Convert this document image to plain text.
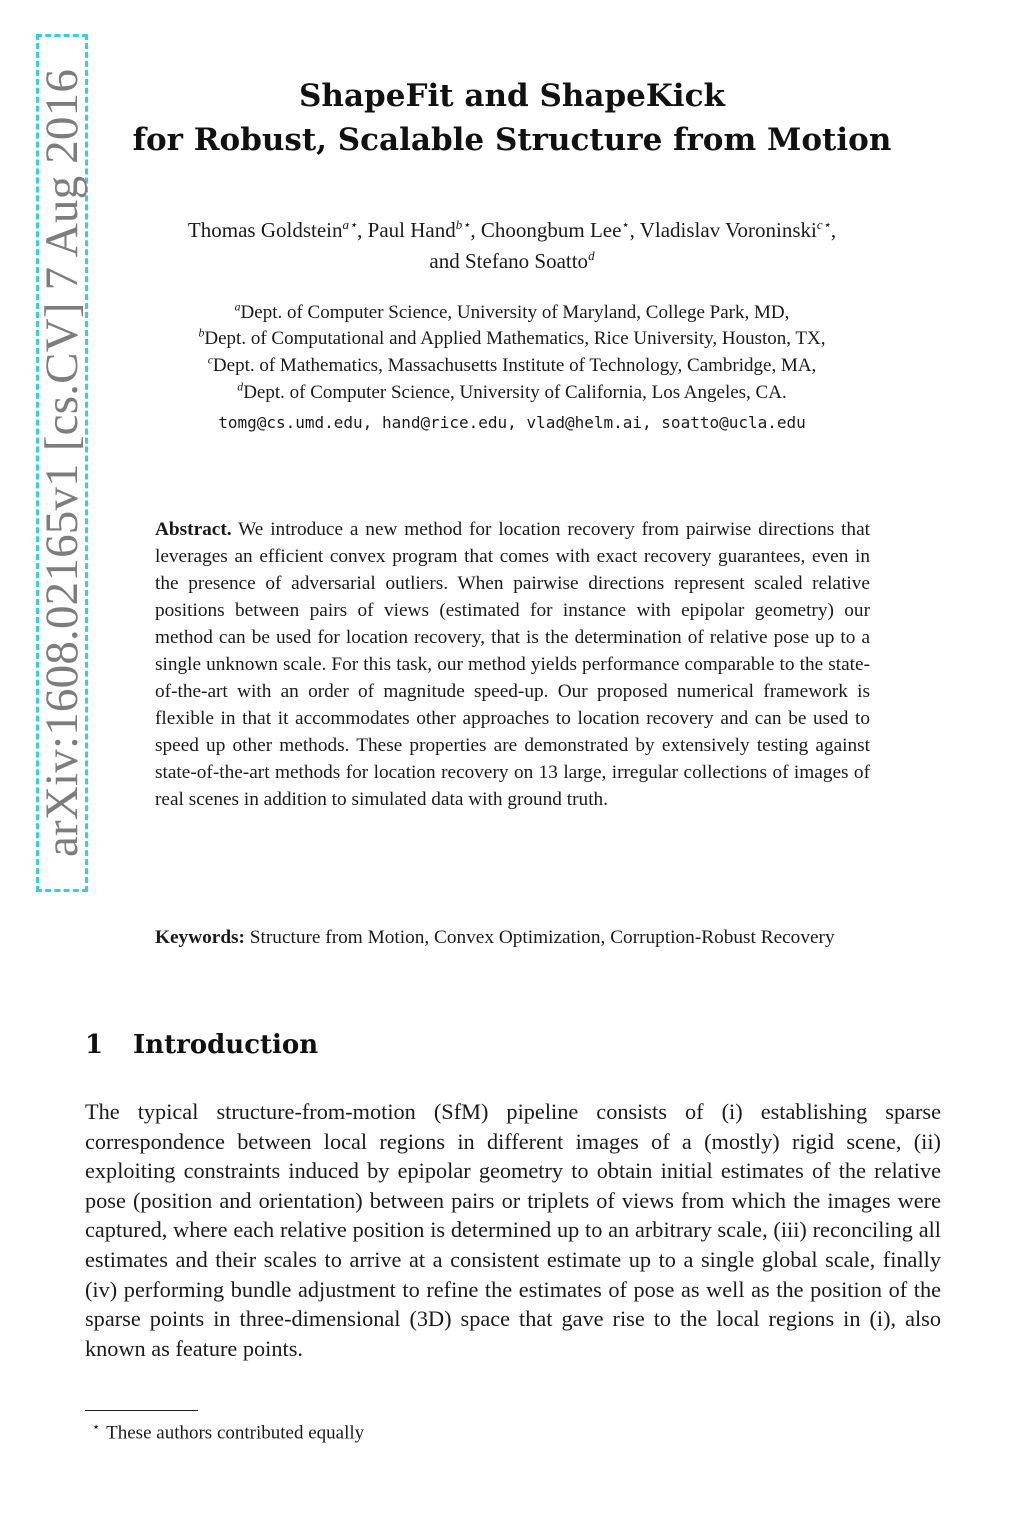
arXiv:1608.02165v1 [cs.CV] 7 Aug 2016	ShapeFit and ShapeKick
for Robust, Scalable Structure from Motion
Thomas Goldstein$^{a⋆}$, Paul Hand$^{b⋆}$, Choongbum Lee⋆, Vladislav Voroninski$^{c⋆}$,
and Stefano Soatto$^d$
$^a$Dept. of Computer Science, University of Maryland, College Park, MD,
$^b$Dept. of Computational and Applied Mathematics, Rice University, Houston, TX,
$^c$Dept. of Mathematics, Massachusetts Institute of Technology, Cambridge, MA,
$^d$Dept. of Computer Science, University of California, Los Angeles, CA.
tomg@cs.umd.edu, hand@rice.edu, vlad@helm.ai, soatto@ucla.edu
Abstract. We introduce a new method for location recovery from pairwise directions that leverages an efficient convex program that comes with exact recovery guarantees, even in the presence of adversarial outliers. When pairwise directions represent scaled relative positions between pairs of views (estimated for instance with epipolar geometry) our method can be used for location recovery, that is the determination of relative pose up to a single unknown scale. For this task, our method yields performance comparable to the state-of-the-art with an order of magnitude speed-up. Our proposed numerical framework is flexible in that it accommodates other approaches to location recovery and can be used to speed up other methods. These properties are demonstrated by extensively testing against state-of-the-art methods for location recovery on 13 large, irregular collections of images of real scenes in addition to simulated data with ground truth.
Keywords: Structure from Motion, Convex Optimization, Corruption-Robust Recovery
1 Introduction
The typical structure-from-motion (SfM) pipeline consists of (i) establishing sparse correspondence between local regions in different images of a (mostly) rigid scene, (ii) exploiting constraints induced by epipolar geometry to obtain initial estimates of the relative pose (position and orientation) between pairs or triplets of views from which the images were captured, where each relative position is determined up to an arbitrary scale, (iii) reconciling all estimates and their scales to arrive at a consistent estimate up to a single global scale, finally (iv) performing bundle adjustment to refine the estimates of pose as well as the position of the sparse points in three-dimensional (3D) space that gave rise to the local regions in (i), also known as feature points.
⋆ These authors contributed equally
